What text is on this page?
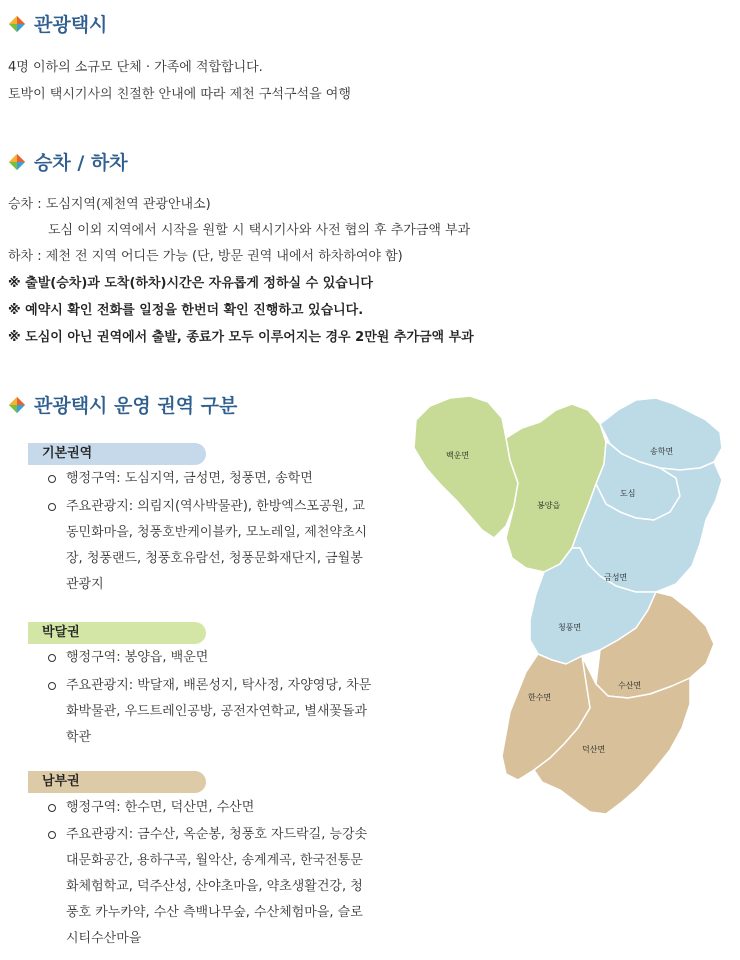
관광택시
4명 이하의 소규모 단체 · 가족에 적합합니다.
토박이 택시기사의 친절한 안내에 따라 제천 구석구석을 여행
승차 / 하차
승차 : 도심지역(제천역 관광안내소)
도심 이외 지역에서 시작을 원할 시 택시기사와 사전 협의 후 추가금액 부과
하차 : 제천 전 지역 어디든 가능 (단, 방문 권역 내에서 하차하여야 함)
※ 출발(승차)과 도착(하차)시간은 자유롭게 정하실 수 있습니다
※ 예약시 확인 전화를 일정을 한번더 확인 진행하고 있습니다.
※ 도심이 아닌 권역에서 출발, 종료가 모두 이루어지는 경우 2만원 추가금액 부과
관광택시 운영 권역 구분
기본권역
행정구역: 도심지역, 금성면, 청풍면, 송학면
주요관광지: 의림지(역사박물관), 한방엑스포공원, 교
동민화마을, 청풍호반케이블카, 모노레일, 제천약초시
장, 청풍랜드, 청풍호유람선, 청풍문화재단지, 금월봉
관광지
박달권
행정구역: 봉양읍, 백운면
주요관광지: 박달재, 배론성지, 탁사정, 자양영당, 차문
화박물관, 우드트레인공방, 공전자연학교, 별새꽃돌과
학관
남부권
행정구역: 한수면, 덕산면, 수산면
주요관광지: 금수산, 옥순봉, 청풍호 자드락길, 능강솟
대문화공간, 용하구곡, 월악산, 송계계곡, 한국전통문
화체험학교, 덕주산성, 산야초마을, 약초생활건강, 청
풍호 카누카약, 수산 측백나무숲, 수산체험마을, 슬로
시티수산마을
백운면
봉양읍
송학면
도심
금성면
청풍면
한수면
수산면
덕산면
